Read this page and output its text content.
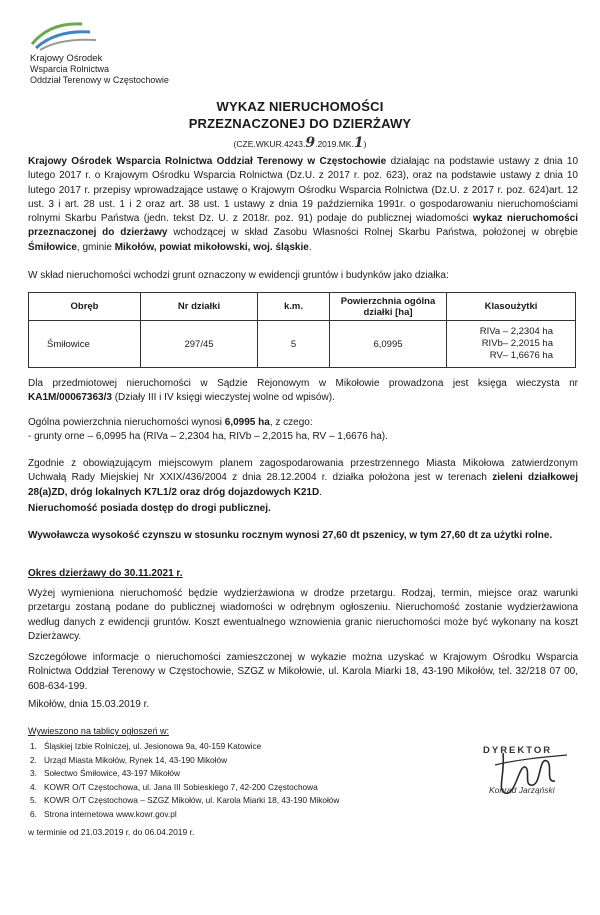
Krajowy Ośrodek
Wsparcia Rolnictwa
Oddział Terenowy w Częstochowie
WYKAZ NIERUCHOMOŚCI
PRZEZNACZONEJ DO DZIERŻAWY
(CZE.WKUR.4243.9.2019.MK.1)
Krajowy Ośrodek Wsparcia Rolnictwa Oddział Terenowy w Częstochowie działając na podstawie ustawy z dnia 10 lutego 2017 r. o Krajowym Ośrodku Wsparcia Rolnictwa (Dz.U. z 2017 r. poz. 623), oraz na podstawie ustawy z dnia 10 lutego 2017 r. przepisy wprowadzające ustawę o Krajowym Ośrodku Wsparcia Rolnictwa (Dz.U. z 2017 r. poz. 624)art. 12 ust. 3 i art. 28 ust. 1 i 2 oraz art. 38 ust. 1 ustawy z dnia 19 października 1991r. o gospodarowaniu nieruchomościami rolnymi Skarbu Państwa (jedn. tekst Dz. U. z 2018r. poz. 91) podaje do publicznej wiadomości wykaz nieruchomości przeznaczonej do dzierżawy wchodzącej w skład Zasobu Własności Rolnej Skarbu Państwa, położonej w obrębie Śmiłowice, gminie Mikołów, powiat mikołowski, woj. śląskie.
W skład nieruchomości wchodzi grunt oznaczony w ewidencji gruntów i budynków jako działka:
Obręb	Nr działki	k.m.	Powierzchnia ogólna działki [ha]	Klasoużytki
Śmiłowice	297/45	5	6,0995	RIVa – 2,2304 ha
RIVb– 2,2015 ha
RV– 1,6676 ha
Dla przedmiotowej nieruchomości w Sądzie Rejonowym w Mikołowie prowadzona jest księga wieczysta nr KA1M/00067363/3 (Działy III i IV księgi wieczystej wolne od wpisów).
Ogólna powierzchnia nieruchomości wynosi 6,0995 ha, z czego:
- grunty orne – 6,0995 ha (RIVa – 2,2304 ha, RIVb – 2,2015 ha, RV – 1,6676 ha).
Zgodnie z obowiązującym miejscowym planem zagospodarowania przestrzennego Miasta Mikołowa zatwierdzonym Uchwałą Rady Miejskiej Nr XXIX/436/2004 z dnia 28.12.2004 r. działka położona jest w terenach zieleni działkowej 28(a)ZD, dróg lokalnych K7L1/2 oraz dróg dojazdowych K21D.
Nieruchomość posiada dostęp do drogi publicznej.
Wywoławcza wysokość czynszu w stosunku rocznym wynosi 27,60 dt pszenicy, w tym 27,60 dt za użytki rolne.
Okres dzierżawy do 30.11.2021 r.
Wyżej wymieniona nieruchomość będzie wydzierżawiona w drodze przetargu. Rodzaj, termin, miejsce oraz warunki przetargu zostaną podane do publicznej wiadomości w odrębnym ogłoszeniu. Nieruchomość zostanie wydzierżawiona według danych z ewidencji gruntów. Koszt ewentualnego wznowienia granic nieruchomości może być wykonany na koszt Dzierżawcy.
Szczegółowe informacje o nieruchomości zamieszczonej w wykazie można uzyskać w Krajowym Ośrodku Wsparcia Rolnictwa Oddział Terenowy w Częstochowie, SZGZ w Mikołowie, ul. Karola Miarki 18, 43-190 Mikołów, tel. 32/218 07 00, 608-634-199.
Mikołów, dnia 15.03.2019 r.
Wywieszono na tablicy ogłoszeń w:
1. Śląskiej Izbie Rolniczej, ul. Jesionowa 9a, 40-159 Katowice
2. Urząd Miasta Mikołów, Rynek 14, 43-190 Mikołów
3. Sołectwo Śmiłowice, 43-197 Mikołów
4. KOWR O/T Częstochowa, ul. Jana III Sobieskiego 7, 42-200 Częstochowa
5. KOWR O/T Częstochowa – SZGZ Mikołów, ul. Karola Miarki 18, 43-190 Mikołów
6. Strona internetowa www.kowr.gov.pl
w terminie od 21.03.2019 r. do 06.04.2019 r.
DYREKTOR
Konrad Jarząński
